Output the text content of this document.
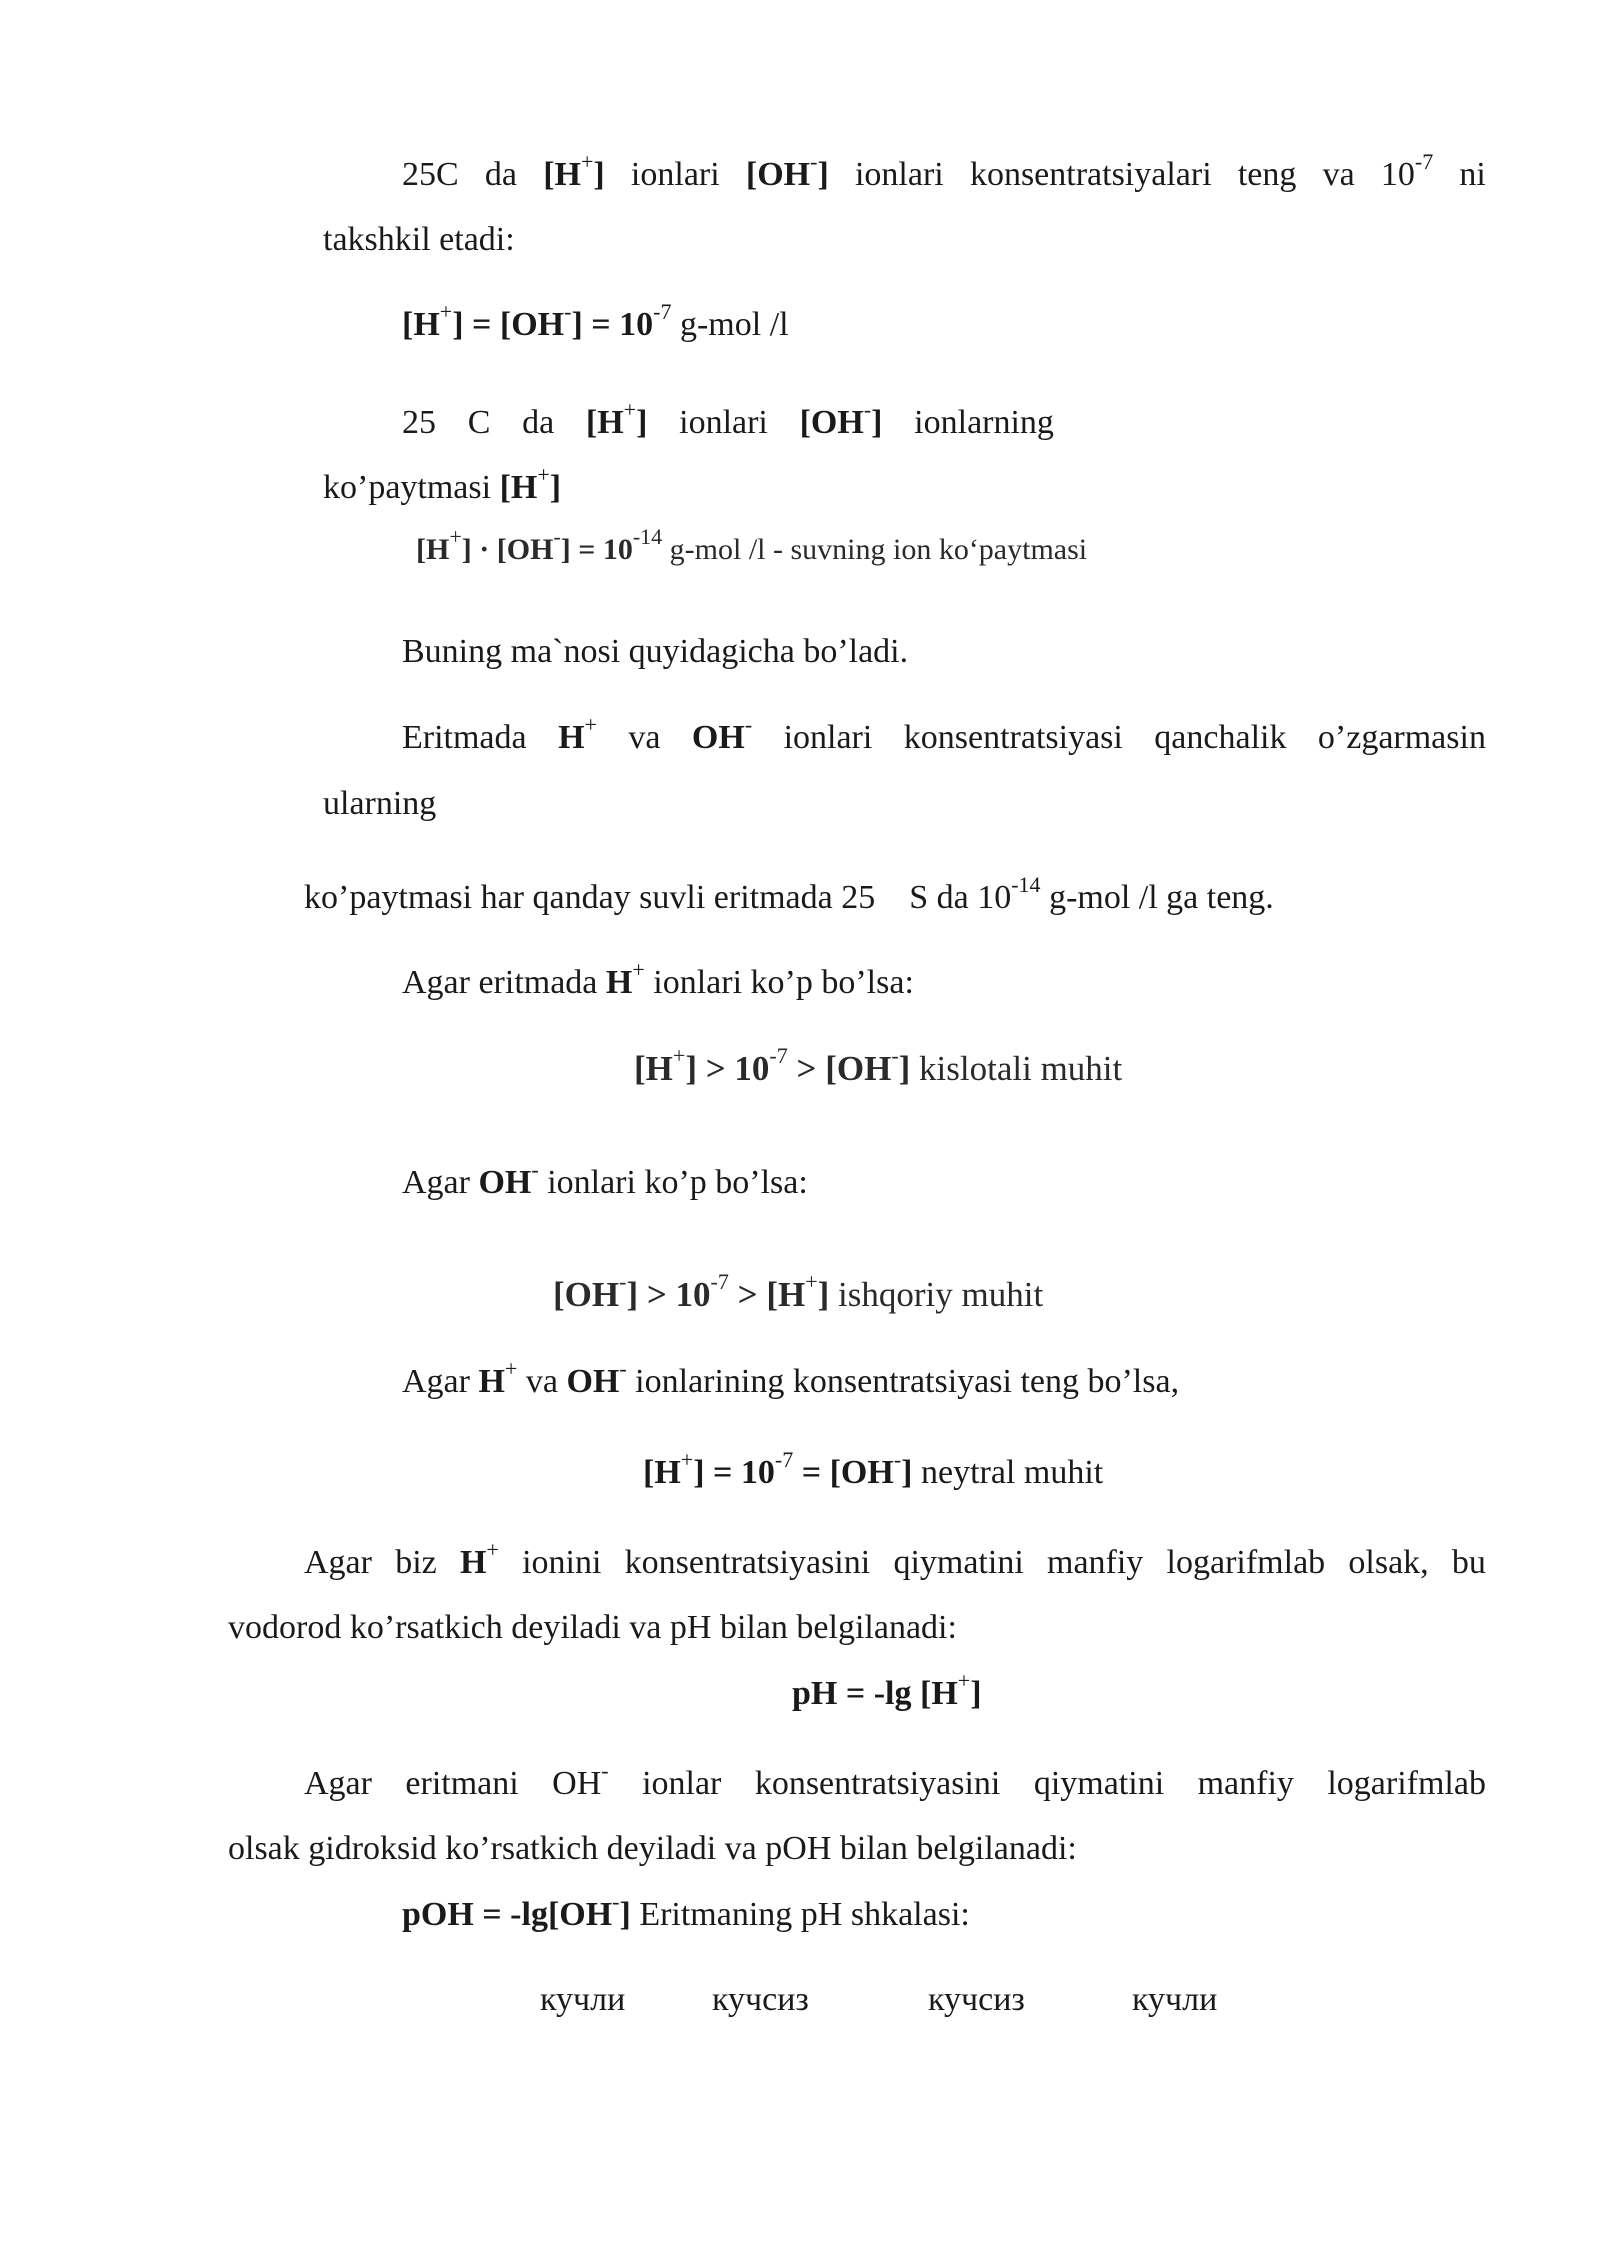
25C da [H+] ionlari [OH-] ionlari konsentratsiyalari teng va $10^{-7}$ ni
takshkil etadi:
$[H^+] = [OH^-] = 10^{-7}$ g-mol /l
25 C da [H+] ionlari [OH-] ionlarning
ko’paytmasi [H+]
$[H^+] \cdot [OH^-] = 10^{-14}$ g-mol /l - suvning ion ko‘paytmasi
Buning ma`nosi quyidagicha bo’ladi.
Eritmada H+ va OH- ionlari konsentratsiyasi qanchalik o’zgarmasin
ularning
ko’paytmasi har qanday suvli eritmada 25 S da $10^{-14}$ g-mol /l ga teng.
Agar eritmada H+ ionlari ko’p bo’lsa:
$[H^+] > 10^{-7} > [OH^-]$ kislotali muhit
Agar OH- ionlari ko’p bo’lsa:
$[OH^-] > 10^{-7} > [H^+]$ ishqoriy muhit
Agar H+ va OH- ionlarining konsentratsiyasi teng bo’lsa,
$[H^+] = 10^{-7} = [OH^-]$ neytral muhit
Agar biz H+ ionini konsentratsiyasini qiymatini manfiy logarifmlab olsak, bu
vodorod ko’rsatkich deyiladi va pH bilan belgilanadi:
pH = -lg [H+]
Agar eritmani OH- ionlar konsentratsiyasini qiymatini manfiy logarifmlab
olsak gidroksid ko’rsatkich deyiladi va pOH bilan belgilanadi:
pOH = -lg[OH-] Eritmaning pH shkalasi:
кучли	кучсиз	кучсиз	кучли
